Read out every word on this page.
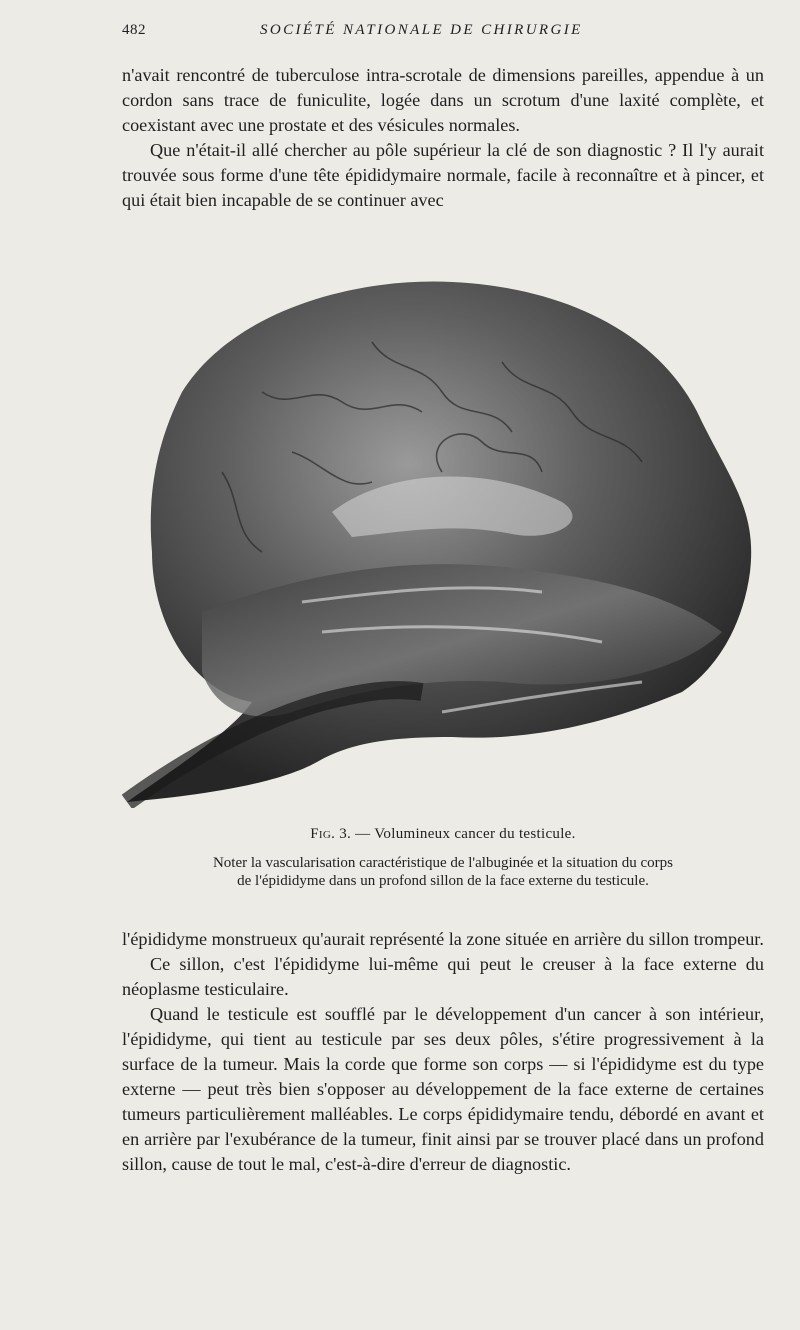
482	SOCIÉTÉ NATIONALE DE CHIRURGIE

n'avait rencontré de tuberculose intra-scrotale de dimensions pareilles, appendue à un cordon sans trace de funiculite, logée dans un scrotum d'une laxité complète, et coexistant avec une prostate et des vésicules normales.

Que n'était-il allé chercher au pôle supérieur la clé de son diagnostic ? Il l'y aurait trouvée sous forme d'une tête épididymaire normale, facile à reconnaître et à pincer, et qui était bien incapable de se continuer avec

Fig. 3. — Volumineux cancer du testicule.

Noter la vascularisation caractéristique de l'albuginée et la situation du corps

de l'épididyme dans un profond sillon de la face externe du testicule.

l'épididyme monstrueux qu'aurait représenté la zone située en arrière du sillon trompeur.

Ce sillon, c'est l'épididyme lui-même qui peut le creuser à la face externe du néoplasme testiculaire.

Quand le testicule est soufflé par le développement d'un cancer à son intérieur, l'épididyme, qui tient au testicule par ses deux pôles, s'étire progressivement à la surface de la tumeur. Mais la corde que forme son corps — si l'épididyme est du type externe — peut très bien s'opposer au développement de la face externe de certaines tumeurs particulièrement malléables. Le corps épididymaire tendu, débordé en avant et en arrière par l'exubérance de la tumeur, finit ainsi par se trouver placé dans un profond sillon, cause de tout le mal, c'est-à-dire d'erreur de diagnostic.
